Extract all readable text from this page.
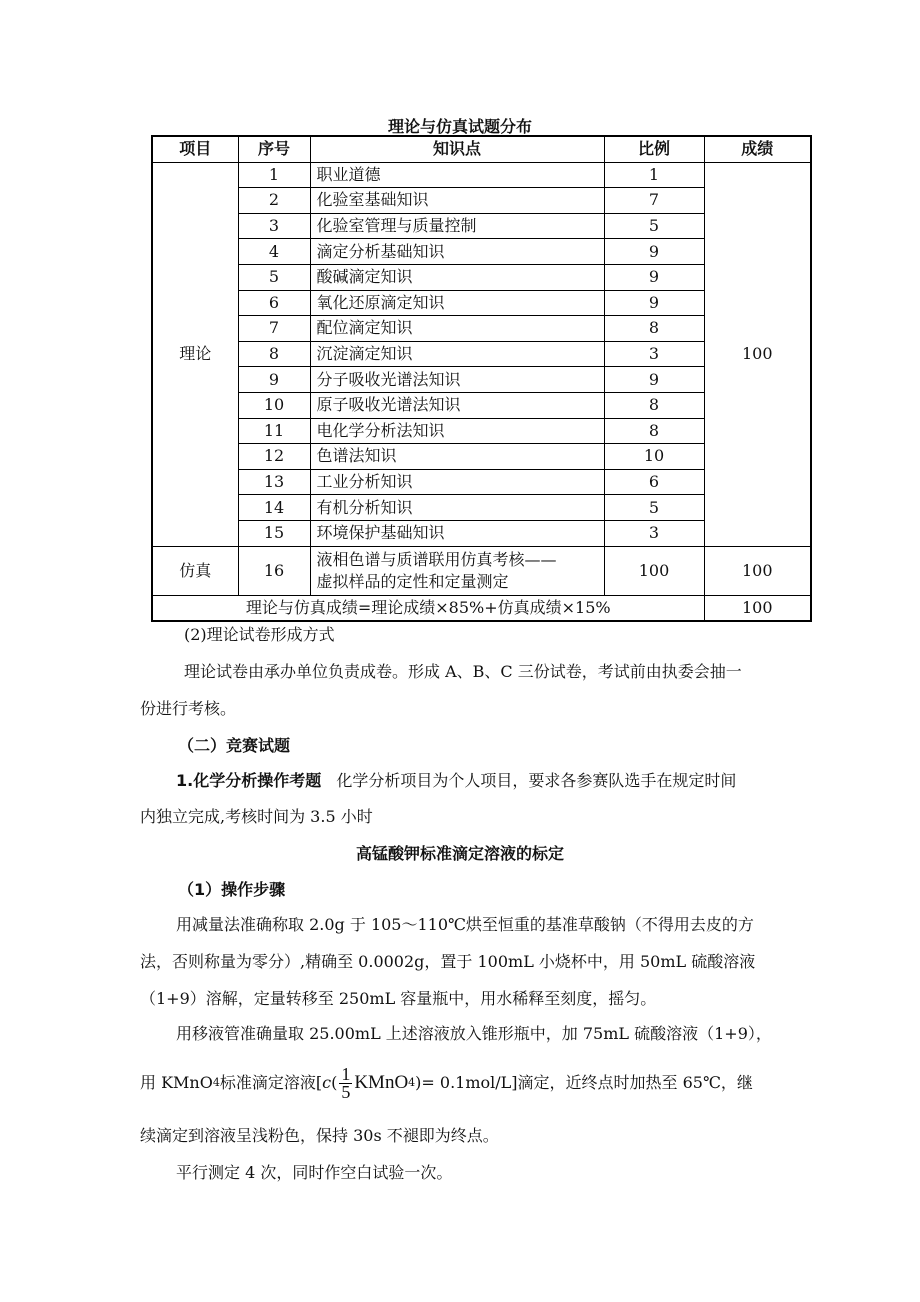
理论与仿真试题分布
项目	序号	知识点	比例	成绩
理论	1	职业道德	1	100
	2	化验室基础知识	7	
	3	化验室管理与质量控制	5	
	4	滴定分析基础知识	9	
	5	酸碱滴定知识	9	
	6	氧化还原滴定知识	9	
	7	配位滴定知识	8	
	8	沉淀滴定知识	3	
	9	分子吸收光谱法知识	9	
	10	原子吸收光谱法知识	8	
	11	电化学分析法知识	8	
	12	色谱法知识	10	
	13	工业分析知识	6	
	14	有机分析知识	5	
	15	环境保护基础知识	3	
仿真	16	液相色谱与质谱联用仿真考核——
虚拟样品的定性和定量测定	100	100
理论与仿真成绩=理论成绩×85%+仿真成绩×15%				100
(2)理论试卷形成方式
理论试卷由承办单位负责成卷。形成 A、B、C 三份试卷，考试前由执委会抽一
份进行考核。
（二）竞赛试题
1.化学分析操作考题 化学分析项目为个人项目，要求各参赛队选手在规定时间
内独立完成,考核时间为 3.5 小时
高锰酸钾标准滴定溶液的标定
（1）操作步骤
用减量法准确称取 2.0g 于 105～110℃烘至恒重的基准草酸钠（不得用去皮的方
法，否则称量为零分）,精确至 0.0002g，置于 100mL 小烧杯中，用 50mL 硫酸溶液
（1+9）溶解，定量转移至 250mL 容量瓶中，用水稀释至刻度，摇匀。
用移液管准确量取 25.00mL 上述溶液放入锥形瓶中，加 75mL 硫酸溶液（1+9），
用 KMnO 4 标准滴定溶液[ c ( $\frac{1}{5}$ KMnO 4 ) = 0.1mol/L]滴定，近终点时加热至 65℃，继
续滴定到溶液呈浅粉色，保持 30s 不褪即为终点。
平行测定 4 次，同时作空白试验一次。
